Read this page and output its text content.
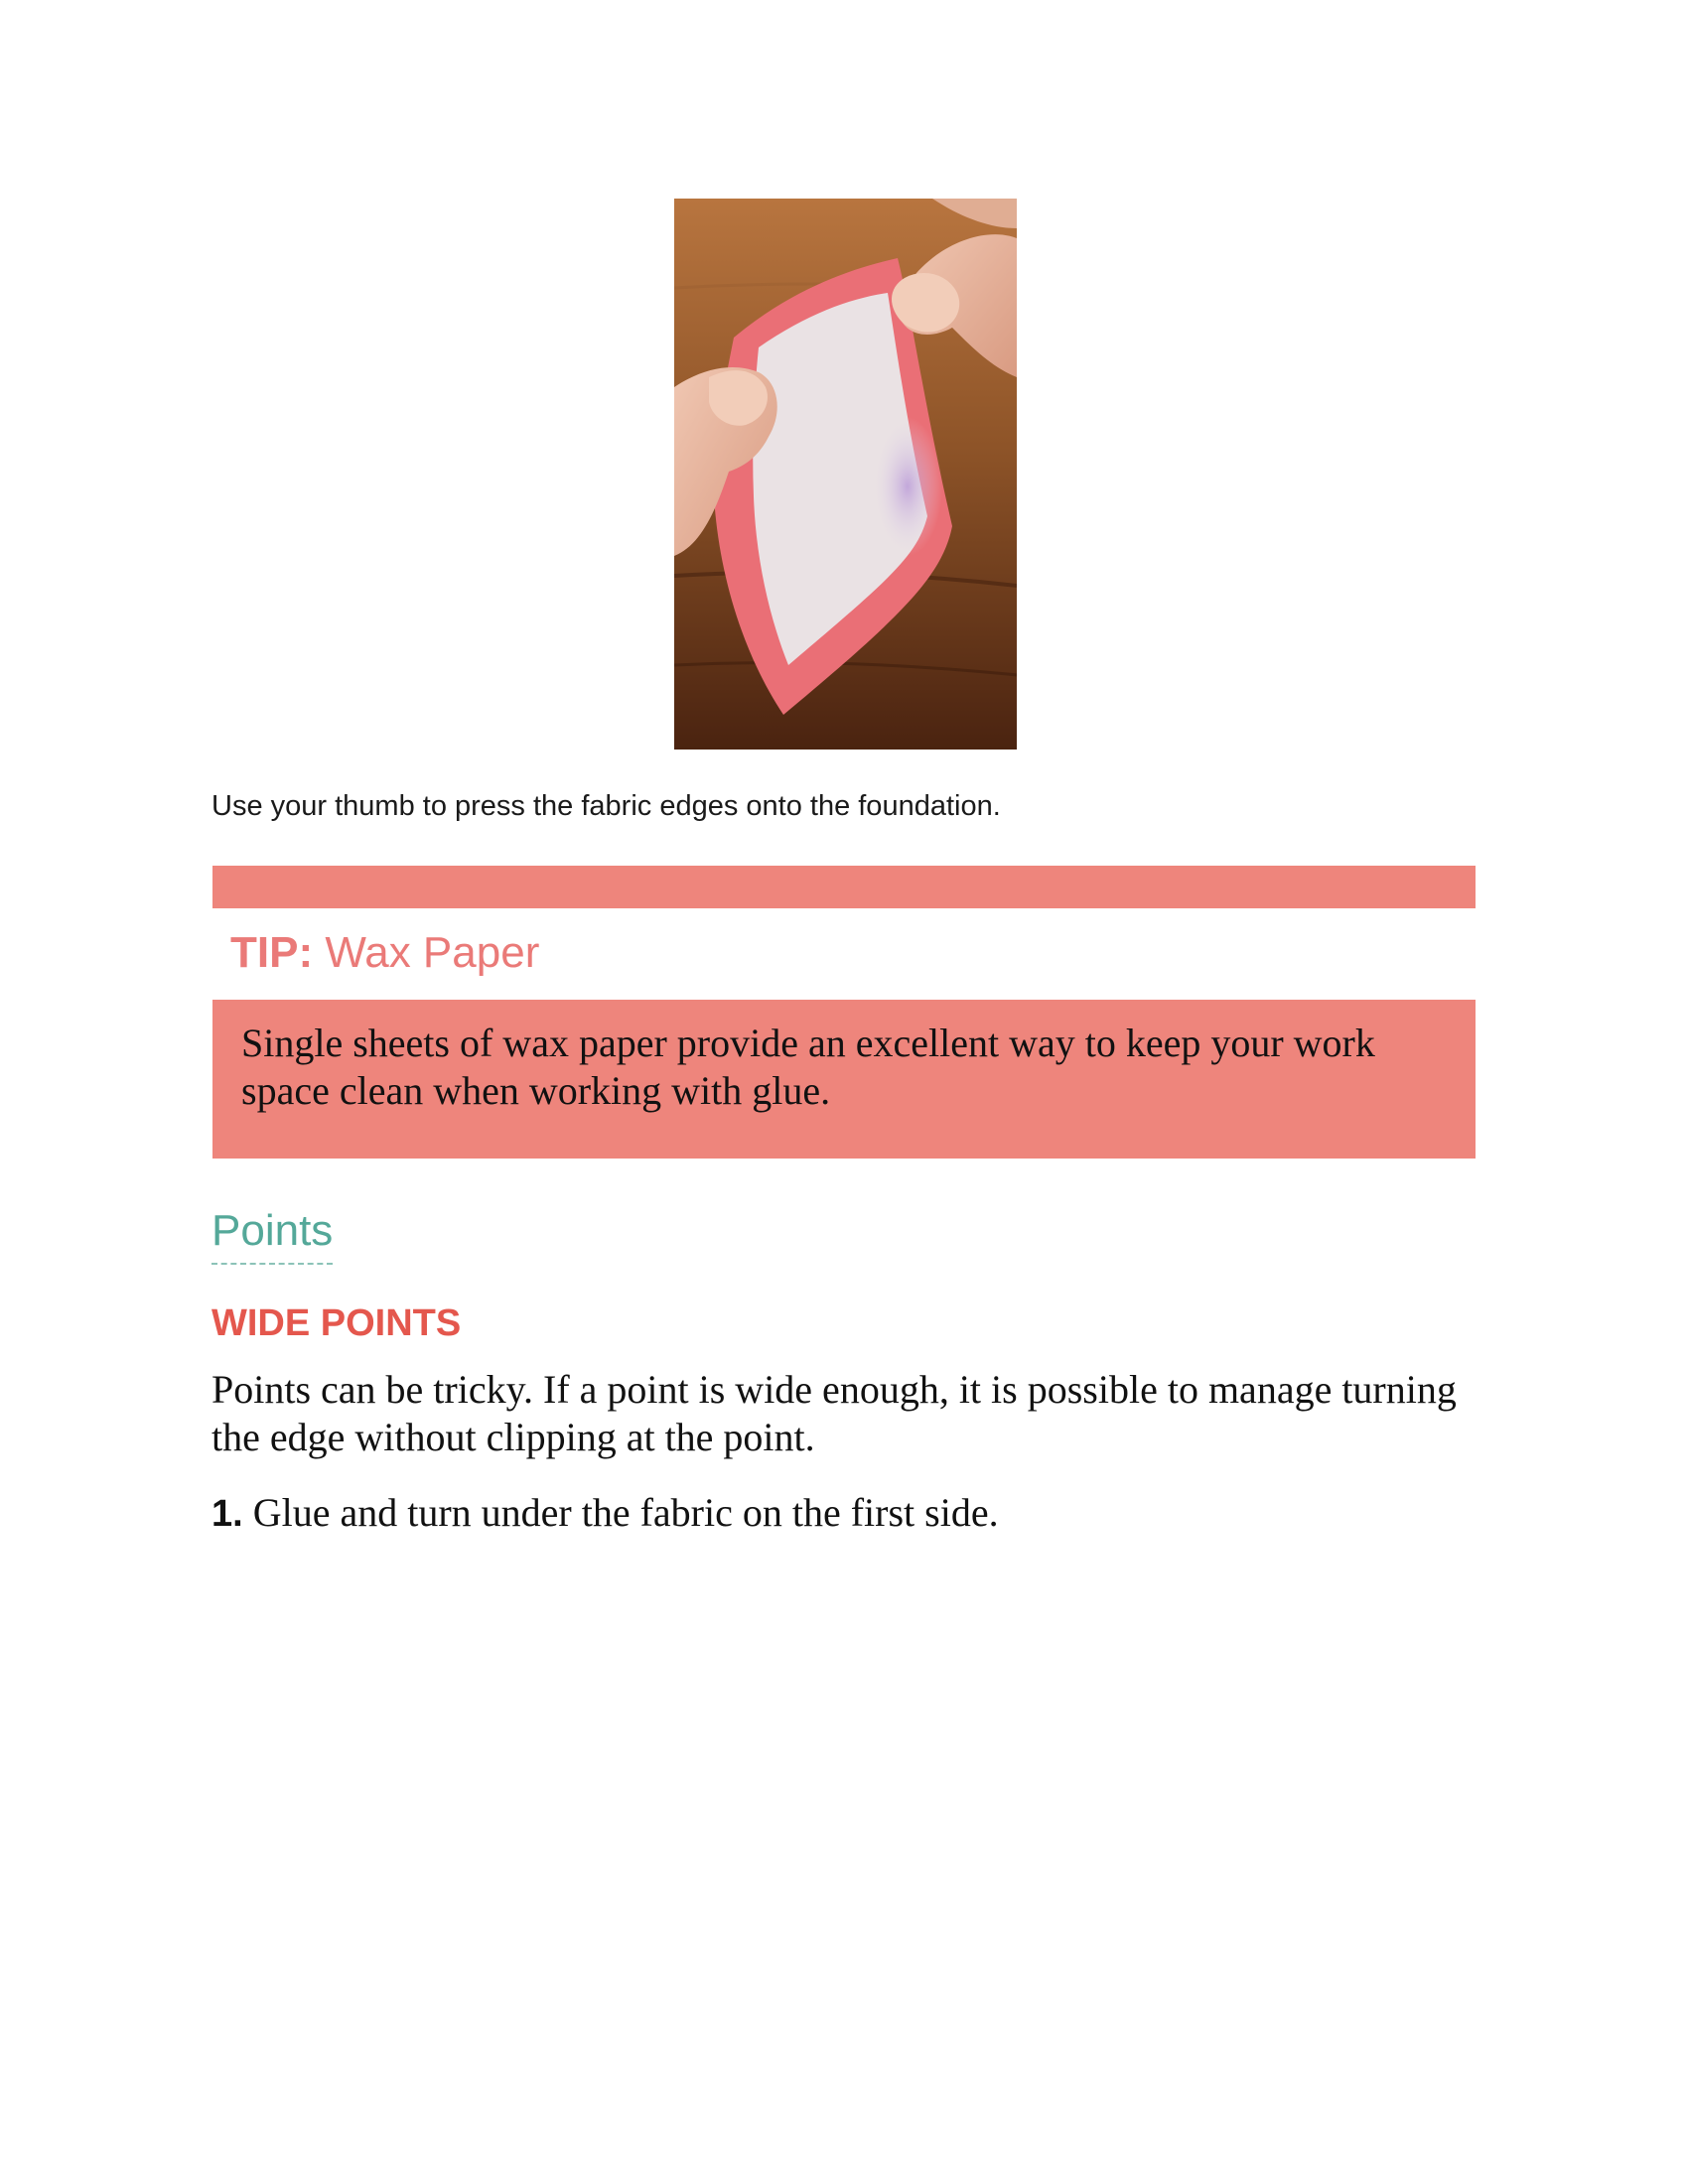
Use your thumb to press the fabric edges onto the foundation.
TIP: Wax Paper
Single sheets of wax paper provide an excellent way to keep your work space clean when working with glue.
Points
WIDE POINTS
Points can be tricky. If a point is wide enough, it is possible to manage turning the edge without clipping at the point.
1. Glue and turn under the fabric on the first side.
